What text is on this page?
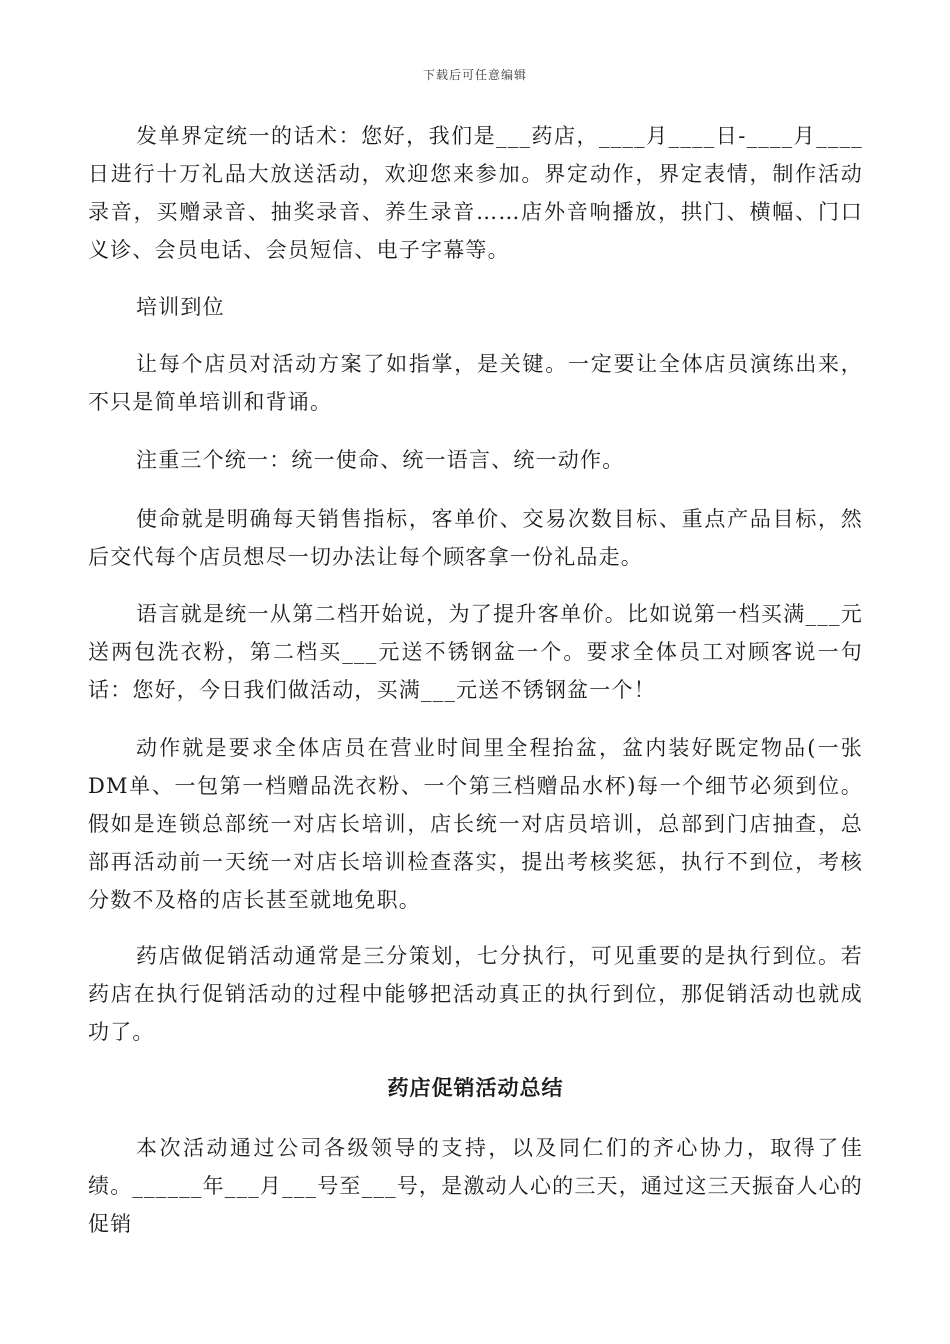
下载后可任意编辑

发单界定统一的话术：您好，我们是___药店，____月____日-____月____日进行十万礼品大放送活动，欢迎您来参加。界定动作，界定表情，制作活动录音，买赠录音、抽奖录音、养生录音……店外音响播放，拱门、横幅、门口义诊、会员电话、会员短信、电子字幕等。

培训到位

让每个店员对活动方案了如指掌，是关键。一定要让全体店员演练出来，不只是简单培训和背诵。

注重三个统一：统一使命、统一语言、统一动作。

使命就是明确每天销售指标，客单价、交易次数目标、重点产品目标，然后交代每个店员想尽一切办法让每个顾客拿一份礼品走。

语言就是统一从第二档开始说，为了提升客单价。比如说第一档买满___元送两包洗衣粉，第二档买___元送不锈钢盆一个。要求全体员工对顾客说一句话：您好，今日我们做活动，买满___元送不锈钢盆一个！

动作就是要求全体店员在营业时间里全程抬盆，盆内装好既定物品(一张DM单、一包第一档赠品洗衣粉、一个第三档赠品水杯)每一个细节必须到位。假如是连锁总部统一对店长培训，店长统一对店员培训，总部到门店抽查，总部再活动前一天统一对店长培训检查落实，提出考核奖惩，执行不到位，考核分数不及格的店长甚至就地免职。

药店做促销活动通常是三分策划，七分执行，可见重要的是执行到位。若药店在执行促销活动的过程中能够把活动真正的执行到位，那促销活动也就成功了。

药店促销活动总结

本次活动通过公司各级领导的支持，以及同仁们的齐心协力，取得了佳绩。______年___月___号至___号，是激动人心的三天，通过这三天振奋人心的促销
